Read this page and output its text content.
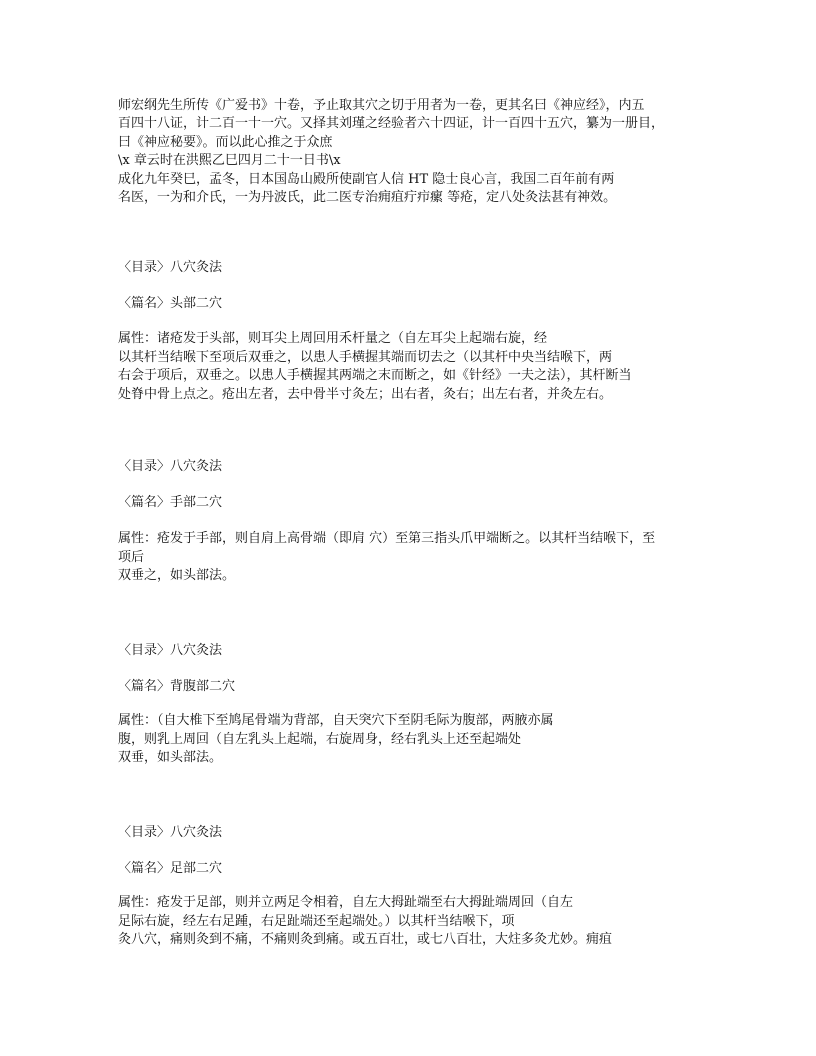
师宏纲先生所传《广爱书》十卷，予止取其穴之切于用者为一卷，更其名曰《神应经》，内五
百四十八证，计二百一十一穴。又择其刘瑾之经验者六十四证，计一百四十五穴，纂为一册目，
曰《神应秘要》。而以此心推之于众庶
\x 章云时在洪熙乙巳四月二十一日书\x
成化九年癸巳，孟冬，日本国岛山殿所使副官人信 HT 隐士良心言，我国二百年前有两
名医，一为和介氏，一为丹波氏，此二医专治痈疽疔疖瘰 等疮，定八处灸法甚有神效。
〈目录〉八穴灸法
〈篇名〉头部二穴
属性：诸疮发于头部，则耳尖上周回用禾杆量之（自左耳尖上起端右旋，经
以其杆当结喉下至项后双垂之，以患人手横握其端而切去之（以其杆中央当结喉下，两
右会于项后，双垂之。以患人手横握其两端之末而断之，如《针经》一夫之法），其杆断当
处脊中骨上点之。疮出左者，去中骨半寸灸左；出右者，灸右；出左右者，并灸左右。
〈目录〉八穴灸法
〈篇名〉手部二穴
属性：疮发于手部，则自肩上高骨端（即肩 穴）至第三指头爪甲端断之。以其杆当结喉下，至
项后
双垂之，如头部法。
〈目录〉八穴灸法
〈篇名〉背腹部二穴
属性：（自大椎下至鸠尾骨端为背部，自天突穴下至阴毛际为腹部，两腋亦属
腹，则乳上周回（自左乳头上起端，右旋周身，经右乳头上还至起端处
双垂，如头部法。
〈目录〉八穴灸法
〈篇名〉足部二穴
属性：疮发于足部，则并立两足令相着，自左大拇趾端至右大拇趾端周回（自左
足际右旋，经左右足踵，右足趾端还至起端处。）以其杆当结喉下，项
灸八穴，痛则灸到不痛，不痛则灸到痛。或五百壮，或七八百壮，大炷多灸尤妙。痈疽
